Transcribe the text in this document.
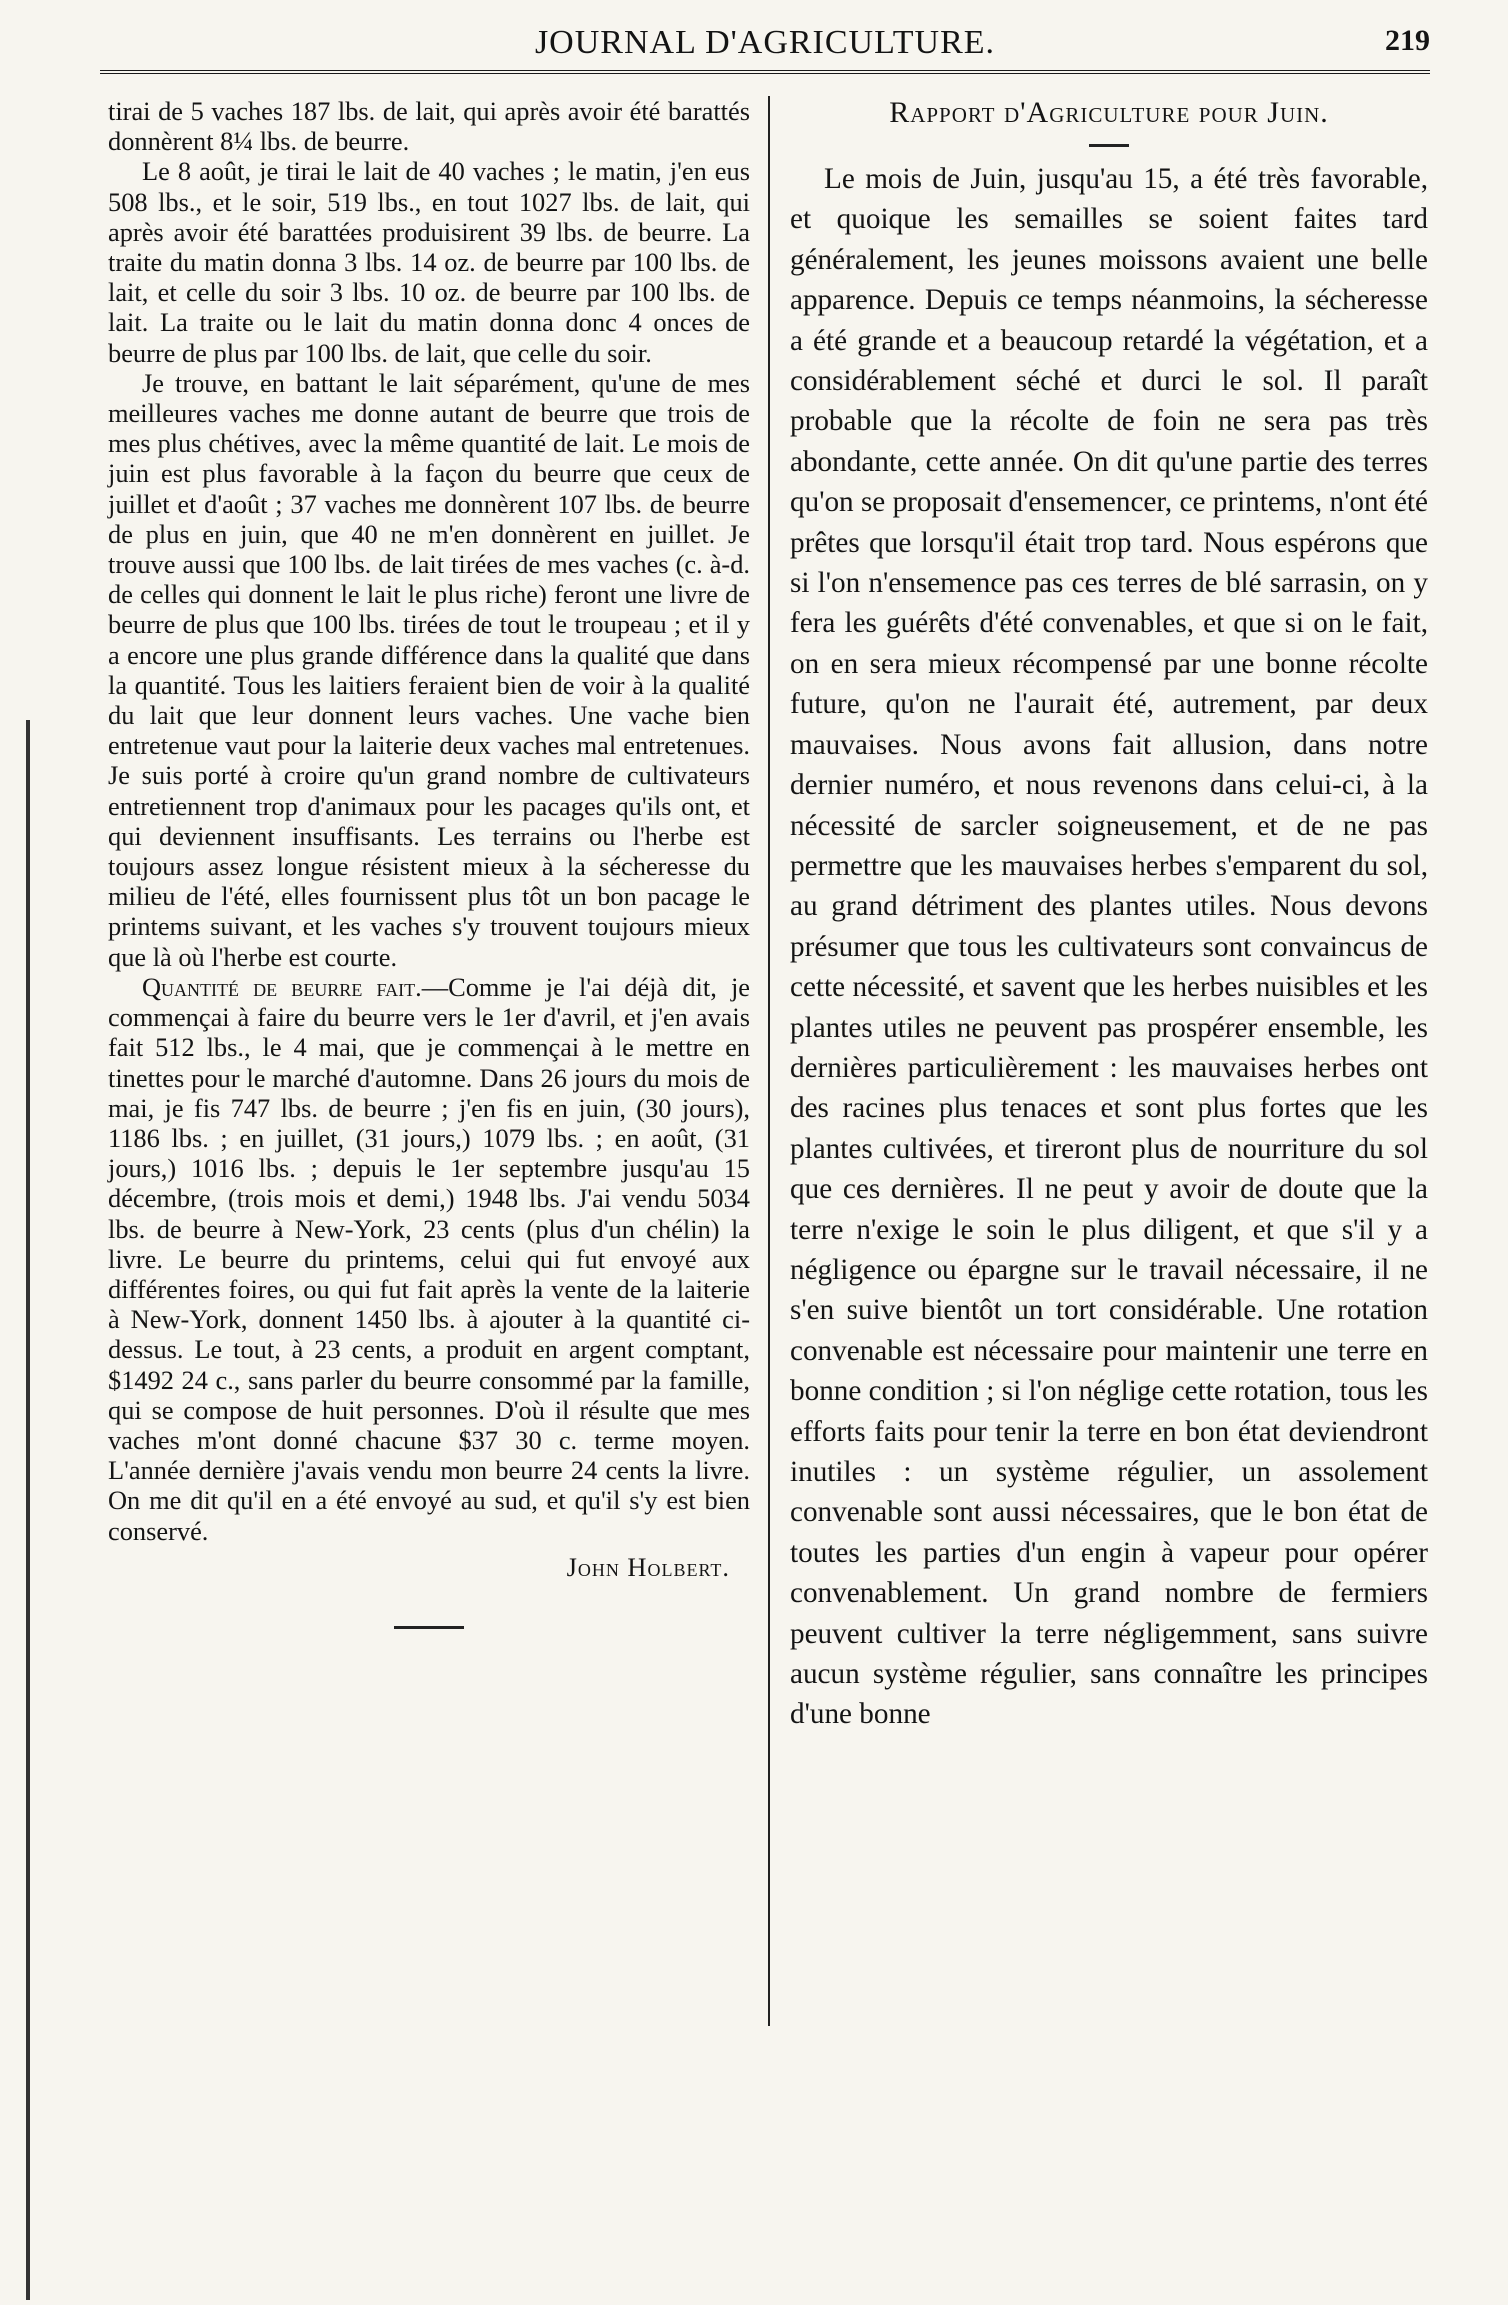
JOURNAL D'AGRICULTURE.	219

tirai de 5 vaches 187 lbs. de lait, qui après avoir été barattés donnèrent 8¼ lbs. de beurre.

Le 8 août, je tirai le lait de 40 vaches ; le matin, j'en eus 508 lbs., et le soir, 519 lbs., en tout 1027 lbs. de lait, qui après avoir été barattées produisirent 39 lbs. de beurre. La traite du matin donna 3 lbs. 14 oz. de beurre par 100 lbs. de lait, et celle du soir 3 lbs. 10 oz. de beurre par 100 lbs. de lait. La traite ou le lait du matin donna donc 4 onces de beurre de plus par 100 lbs. de lait, que celle du soir.

Je trouve, en battant le lait séparément, qu'une de mes meilleures vaches me donne autant de beurre que trois de mes plus chétives, avec la même quantité de lait. Le mois de juin est plus favorable à la façon du beurre que ceux de juillet et d'août ; 37 vaches me donnèrent 107 lbs. de beurre de plus en juin, que 40 ne m'en donnèrent en juillet. Je trouve aussi que 100 lbs. de lait tirées de mes vaches (c. à-d. de celles qui donnent le lait le plus riche) feront une livre de beurre de plus que 100 lbs. tirées de tout le troupeau ; et il y a encore une plus grande différence dans la qualité que dans la quantité. Tous les laitiers feraient bien de voir à la qualité du lait que leur donnent leurs vaches. Une vache bien entretenue vaut pour la laiterie deux vaches mal entretenues. Je suis porté à croire qu'un grand nombre de cultivateurs entretiennent trop d'animaux pour les pacages qu'ils ont, et qui deviennent insuffisants. Les terrains ou l'herbe est toujours assez longue résistent mieux à la sécheresse du milieu de l'été, elles fournissent plus tôt un bon pacage le printems suivant, et les vaches s'y trouvent toujours mieux que là où l'herbe est courte.

Quantité de beurre fait.—Comme je l'ai déjà dit, je commençai à faire du beurre vers le 1er d'avril, et j'en avais fait 512 lbs., le 4 mai, que je commençai à le mettre en tinettes pour le marché d'automne. Dans 26 jours du mois de mai, je fis 747 lbs. de beurre ; j'en fis en juin, (30 jours), 1186 lbs. ; en juillet, (31 jours,) 1079 lbs. ; en août, (31 jours,) 1016 lbs. ; depuis le 1er septembre jusqu'au 15 décembre, (trois mois et demi,) 1948 lbs. J'ai vendu 5034 lbs. de beurre à New-York, 23 cents (plus d'un chélin) la livre. Le beurre du printems, celui qui fut envoyé aux différentes foires, ou qui fut fait après la vente de la laiterie à New-York, donnent 1450 lbs. à ajouter à la quantité ci-dessus. Le tout, à 23 cents, a produit en argent comptant, $1492 24 c., sans parler du beurre consommé par la famille, qui se compose de huit personnes. D'où il résulte que mes vaches m'ont donné chacune $37 30 c. terme moyen. L'année dernière j'avais vendu mon beurre 24 cents la livre. On me dit qu'il en a été envoyé au sud, et qu'il s'y est bien conservé.

John Holbert.
Rapport d'Agriculture pour Juin.

Le mois de Juin, jusqu'au 15, a été très favorable, et quoique les semailles se soient faites tard généralement, les jeunes moissons avaient une belle apparence. Depuis ce temps néanmoins, la sécheresse a été grande et a beaucoup retardé la végétation, et a considérablement séché et durci le sol. Il paraît probable que la récolte de foin ne sera pas très abondante, cette année. On dit qu'une partie des terres qu'on se proposait d'ensemencer, ce printems, n'ont été prêtes que lorsqu'il était trop tard. Nous espérons que si l'on n'ensemence pas ces terres de blé sarrasin, on y fera les guérêts d'été convenables, et que si on le fait, on en sera mieux récompensé par une bonne récolte future, qu'on ne l'aurait été, autrement, par deux mauvaises. Nous avons fait allusion, dans notre dernier numéro, et nous revenons dans celui-ci, à la nécessité de sarcler soigneusement, et de ne pas permettre que les mauvaises herbes s'emparent du sol, au grand détriment des plantes utiles. Nous devons présumer que tous les cultivateurs sont convaincus de cette nécessité, et savent que les herbes nuisibles et les plantes utiles ne peuvent pas prospérer ensemble, les dernières particulièrement : les mauvaises herbes ont des racines plus tenaces et sont plus fortes que les plantes cultivées, et tireront plus de nourriture du sol que ces dernières. Il ne peut y avoir de doute que la terre n'exige le soin le plus diligent, et que s'il y a négligence ou épargne sur le travail nécessaire, il ne s'en suive bientôt un tort considérable. Une rotation convenable est nécessaire pour maintenir une terre en bonne condition ; si l'on néglige cette rotation, tous les efforts faits pour tenir la terre en bon état deviendront inutiles : un système régulier, un assolement convenable sont aussi nécessaires, que le bon état de toutes les parties d'un engin à vapeur pour opérer convenablement. Un grand nombre de fermiers peuvent cultiver la terre négligemment, sans suivre aucun système régulier, sans connaître les principes d'une bonne
